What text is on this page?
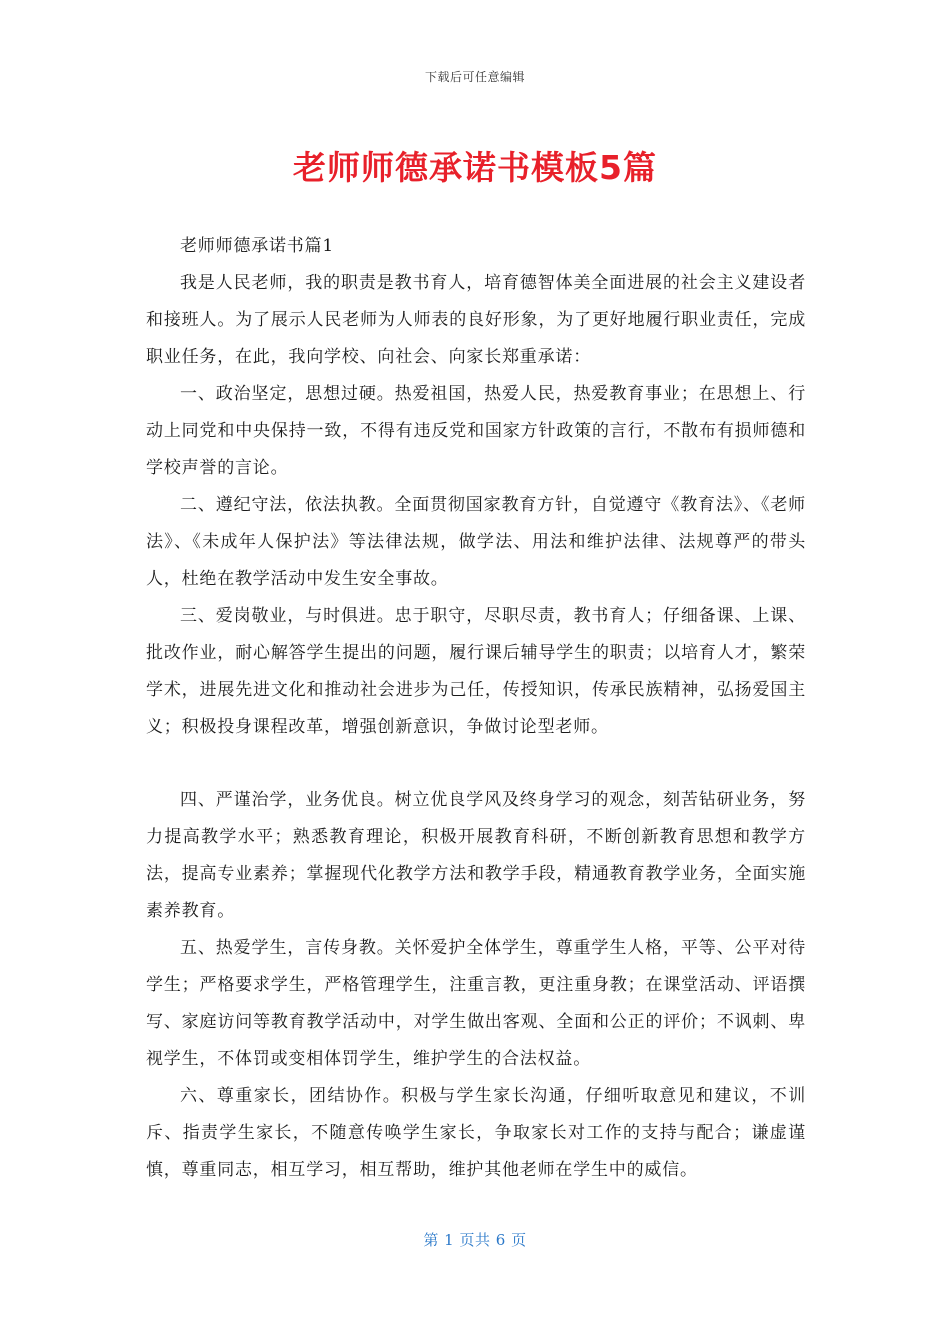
下载后可任意编辑
老师师德承诺书模板5篇

老师师德承诺书篇1

我是人民老师，我的职责是教书育人，培育德智体美全面进展的社会主义建设者和接班人。为了展示人民老师为人师表的良好形象，为了更好地履行职业责任，完成职业任务，在此，我向学校、向社会、向家长郑重承诺：

一、政治坚定，思想过硬。热爱祖国，热爱人民，热爱教育事业；在思想上、行动上同党和中央保持一致，不得有违反党和国家方针政策的言行，不散布有损师德和学校声誉的言论。

二、遵纪守法，依法执教。全面贯彻国家教育方针，自觉遵守《教育法》、《老师法》、《未成年人保护法》等法律法规，做学法、用法和维护法律、法规尊严的带头人，杜绝在教学活动中发生安全事故。

三、爱岗敬业，与时俱进。忠于职守，尽职尽责，教书育人；仔细备课、上课、批改作业，耐心解答学生提出的问题，履行课后辅导学生的职责；以培育人才，繁荣学术，进展先进文化和推动社会进步为己任，传授知识，传承民族精神，弘扬爱国主义；积极投身课程改革，增强创新意识，争做讨论型老师。

四、严谨治学，业务优良。树立优良学风及终身学习的观念，刻苦钻研业务，努力提高教学水平；熟悉教育理论，积极开展教育科研，不断创新教育思想和教学方法，提高专业素养；掌握现代化教学方法和教学手段，精通教育教学业务，全面实施素养教育。

五、热爱学生，言传身教。关怀爱护全体学生，尊重学生人格，平等、公平对待学生；严格要求学生，严格管理学生，注重言教，更注重身教；在课堂活动、评语撰写、家庭访问等教育教学活动中，对学生做出客观、全面和公正的评价；不讽刺、卑视学生，不体罚或变相体罚学生，维护学生的合法权益。

六、尊重家长，团结协作。积极与学生家长沟通，仔细听取意见和建议，不训斥、指责学生家长，不随意传唤学生家长，争取家长对工作的支持与配合；谦虚谨慎，尊重同志，相互学习，相互帮助，维护其他老师在学生中的威信。

第 1 页共 6 页
